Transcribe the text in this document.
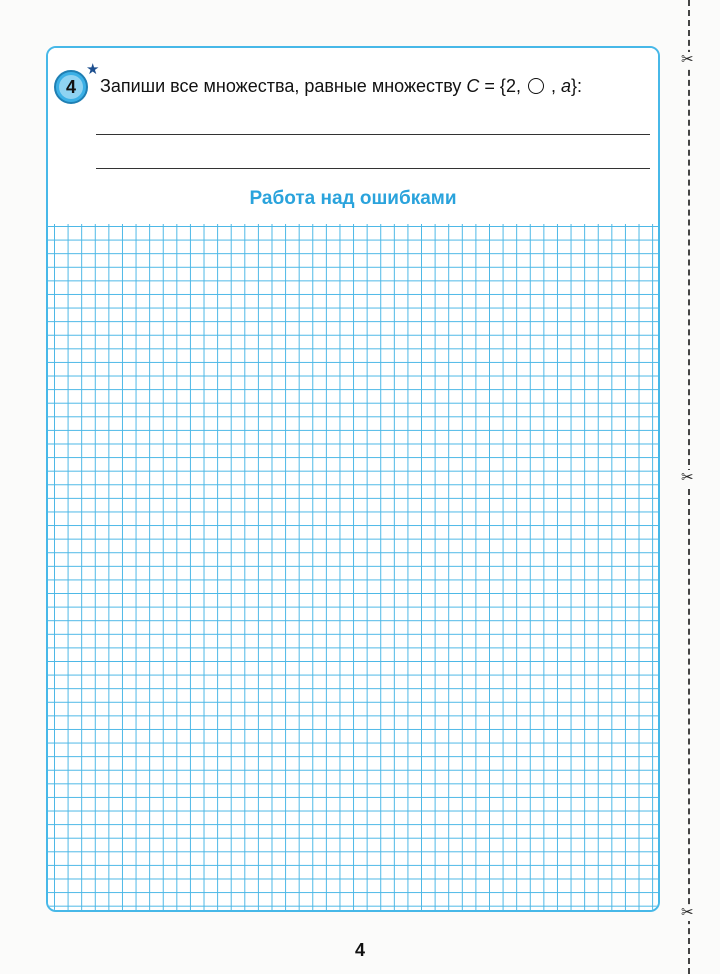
4
★
Запиши все множества, равные множеству C = {2,  , a}:
Работа над ошибками
✂
✂
✂
4
